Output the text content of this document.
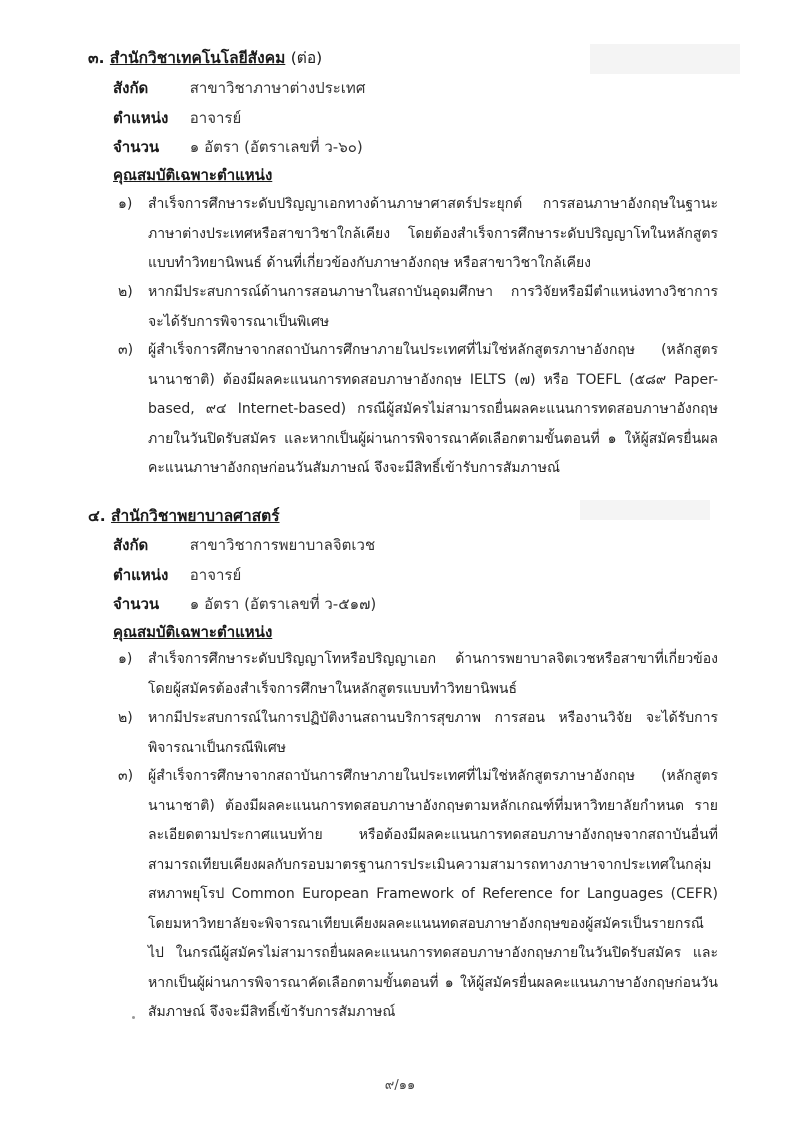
๓. สำนักวิชาเทคโนโลยีสังคม (ต่อ)
สังกัด	สาขาวิชาภาษาต่างประเทศ
ตำแหน่ง อาจารย์
จำนวน ๑ อัตรา (อัตราเลขที่ ว-๖๐)
คุณสมบัติเฉพาะตำแหน่ง
๑)	สำเร็จการศึกษาระดับปริญญาเอกทางด้านภาษาศาสตร์ประยุกต์ การสอนภาษาอังกฤษในฐานะภาษาต่างประเทศหรือสาขาวิชาใกล้เคียง โดยต้องสำเร็จการศึกษาระดับปริญญาโทในหลักสูตรแบบทำวิทยานิพนธ์ ด้านที่เกี่ยวข้องกับภาษาอังกฤษ หรือสาขาวิชาใกล้เคียง
๒)	หากมีประสบการณ์ด้านการสอนภาษาในสถาบันอุดมศึกษา การวิจัยหรือมีตำแหน่งทางวิชาการจะได้รับการพิจารณาเป็นพิเศษ
๓)	ผู้สำเร็จการศึกษาจากสถาบันการศึกษาภายในประเทศที่ไม่ใช่หลักสูตรภาษาอังกฤษ (หลักสูตรนานาชาติ) ต้องมีผลคะแนนการทดสอบภาษาอังกฤษ IELTS (๗) หรือ TOEFL (๕๘๙ Paper-based, ๙๔ Internet-based) กรณีผู้สมัครไม่สามารถยื่นผลคะแนนการทดสอบภาษาอังกฤษภายในวันปิดรับสมัคร และหากเป็นผู้ผ่านการพิจารณาคัดเลือกตามขั้นตอนที่ ๑ ให้ผู้สมัครยื่นผลคะแนนภาษาอังกฤษก่อนวันสัมภาษณ์ จึงจะมีสิทธิ์เข้ารับการสัมภาษณ์
๔. สำนักวิชาพยาบาลศาสตร์
สังกัด	สาขาวิชาการพยาบาลจิตเวช
ตำแหน่ง อาจารย์
จำนวน ๑ อัตรา (อัตราเลขที่ ว-๕๑๗)
คุณสมบัติเฉพาะตำแหน่ง
๑)	สำเร็จการศึกษาระดับปริญญาโทหรือปริญญาเอก ด้านการพยาบาลจิตเวชหรือสาขาที่เกี่ยวข้อง โดยผู้สมัครต้องสำเร็จการศึกษาในหลักสูตรแบบทำวิทยานิพนธ์
๒)	หากมีประสบการณ์ในการปฏิบัติงานสถานบริการสุขภาพ การสอน หรืองานวิจัย จะได้รับการพิจารณาเป็นกรณีพิเศษ
๓)	ผู้สำเร็จการศึกษาจากสถาบันการศึกษาภายในประเทศที่ไม่ใช่หลักสูตรภาษาอังกฤษ (หลักสูตรนานาชาติ) ต้องมีผลคะแนนการทดสอบภาษาอังกฤษตามหลักเกณฑ์ที่มหาวิทยาลัยกำหนด รายละเอียดตามประกาศแนบท้าย หรือต้องมีผลคะแนนการทดสอบภาษาอังกฤษจากสถาบันอื่นที่สามารถเทียบเคียงผลกับกรอบมาตรฐานการประเมินความสามารถทางภาษาจากประเทศในกลุ่มสหภาพยุโรป Common European Framework of Reference for Languages (CEFR) โดยมหาวิทยาลัยจะพิจารณาเทียบเคียงผลคะแนนทดสอบภาษาอังกฤษของผู้สมัครเป็นรายกรณีไป ในกรณีผู้สมัครไม่สามารถยื่นผลคะแนนการทดสอบภาษาอังกฤษภายในวันปิดรับสมัคร และหากเป็นผู้ผ่านการพิจารณาคัดเลือกตามขั้นตอนที่ ๑ ให้ผู้สมัครยื่นผลคะแนนภาษาอังกฤษก่อนวันสัมภาษณ์ จึงจะมีสิทธิ์เข้ารับการสัมภาษณ์
๙/๑๑
